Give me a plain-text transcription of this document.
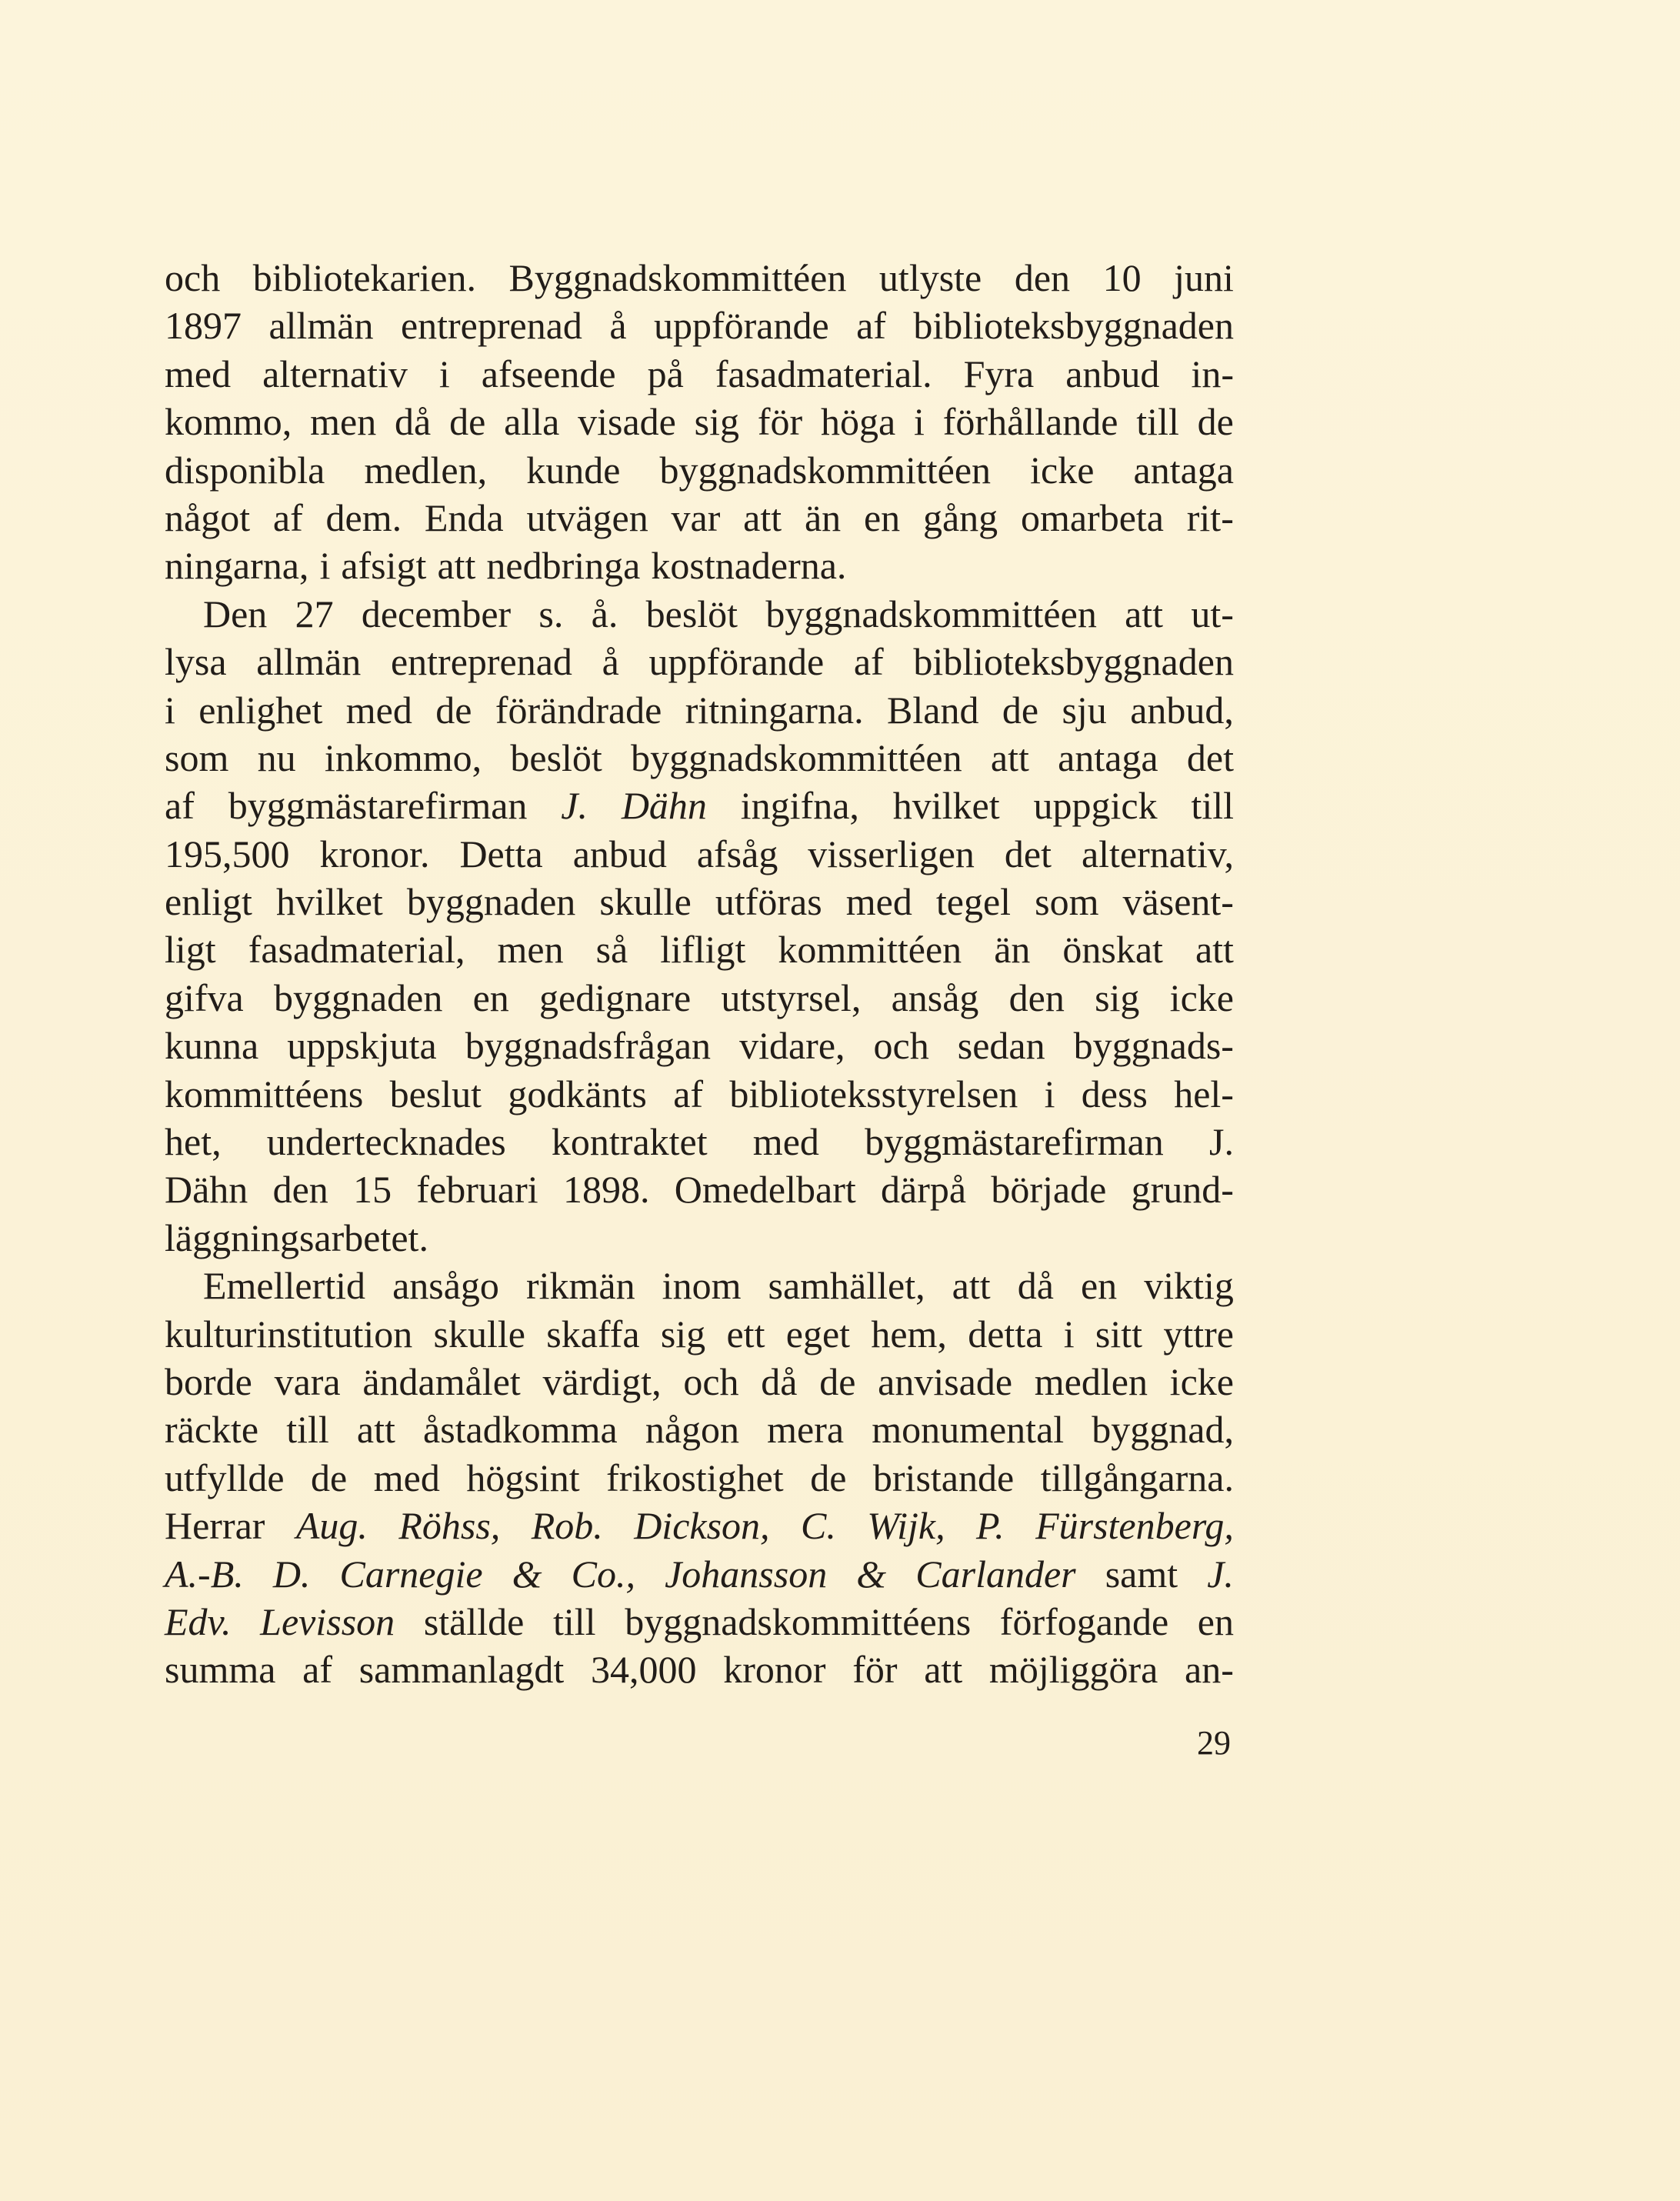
och bibliotekarien. Byggnadskommittéen utlyste den 10 juni
1897 allmän entreprenad å uppförande af biblioteksbyggnaden
med alternativ i afseende på fasadmaterial. Fyra anbud in-
kommo, men då de alla visade sig för höga i förhållande till de
disponibla medlen, kunde byggnadskommittéen icke antaga
något af dem. Enda utvägen var att än en gång omarbeta rit-
ningarna, i afsigt att nedbringa kostnaderna.
Den 27 december s. å. beslöt byggnadskommittéen att ut-
lysa allmän entreprenad å uppförande af biblioteksbyggnaden
i enlighet med de förändrade ritningarna. Bland de sju anbud,
som nu inkommo, beslöt byggnadskommittéen att antaga det
af byggmästarefirman J. Dähn ingifna, hvilket uppgick till
195,500 kronor. Detta anbud afsåg visserligen det alternativ,
enligt hvilket byggnaden skulle utföras med tegel som väsent-
ligt fasadmaterial, men så lifligt kommittéen än önskat att
gifva byggnaden en gedignare utstyrsel, ansåg den sig icke
kunna uppskjuta byggnadsfrågan vidare, och sedan byggnads-
kommittéens beslut godkänts af biblioteksstyrelsen i dess hel-
het, undertecknades kontraktet med byggmästarefirman J.
Dähn den 15 februari 1898. Omedelbart därpå började grund-
läggningsarbetet.
Emellertid ansågo rikmän inom samhället, att då en viktig
kulturinstitution skulle skaffa sig ett eget hem, detta i sitt yttre
borde vara ändamålet värdigt, och då de anvisade medlen icke
räckte till att åstadkomma någon mera monumental byggnad,
utfyllde de med högsint frikostighet de bristande tillgångarna.
Herrar Aug. Röhss, Rob. Dickson, C. Wijk, P. Fürstenberg,
A.-B. D. Carnegie & Co., Johansson & Carlander samt J.
Edv. Levisson ställde till byggnadskommittéens förfogande en
summa af sammanlagdt 34,000 kronor för att möjliggöra an-
29
